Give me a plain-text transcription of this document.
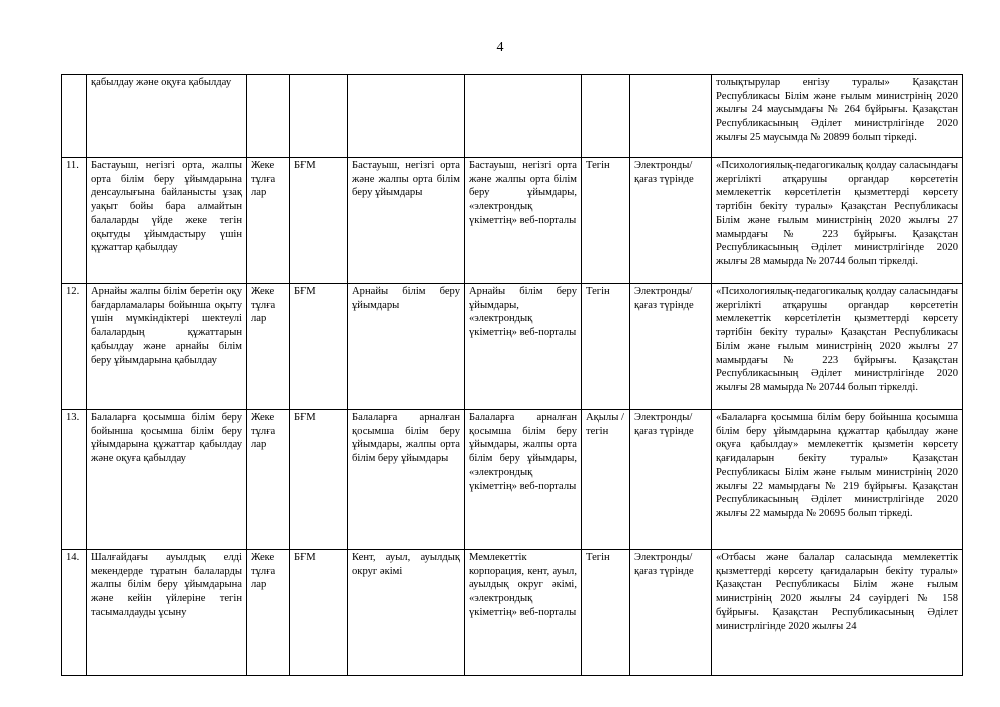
4
	қабылдау және оқуға қабылдау							толықтырулар енгізу туралы» Қазақстан Республикасы Білім және ғылым министрінің 2020 жылғы 24 маусымдағы № 264 бұйрығы. Қазақстан Республикасының Әділет министрлігінде 2020 жылғы 25 маусымда № 20899 болып тіркеді.
11.	Бастауыш, негізгі орта, жалпы орта білім беру ұйымдарына денсаулығына байланысты ұзақ уақыт бойы бара алмайтын балаларды үйде жеке тегін оқытуды ұйымдастыру үшін құжаттар қабылдау	Жеке тұлға лар	БҒМ	Бастауыш, негізгі орта және жалпы орта білім беру ұйымдары	Бастауыш, негізгі орта және жалпы орта білім беру ұйымдары, «электрондық үкіметтің» веб-порталы	Тегін	Электронды/ қағаз түрінде	«Психологиялық-педагогикалық қолдау саласындағы жергілікті атқарушы органдар көрсететін мемлекеттік көрсетілетін қызметтерді көрсету тәртібін бекіту туралы» Қазақстан Республикасы Білім және ғылым министрінің 2020 жылғы 27 мамырдағы № 223 бұйрығы. Қазақстан Республикасының Әділет министрлігінде 2020 жылғы 28 мамырда № 20744 болып тіркелді.
12.	Арнайы жалпы білім беретін оқу бағдарламалары бойынша оқыту үшін мүмкіндіктері шектеулі балалардың құжаттарын қабылдау және арнайы білім беру ұйымдарына қабылдау	Жеке тұлға лар	БҒМ	Арнайы білім беру ұйымдары	Арнайы білім беру ұйымдары, «электрондық үкіметтің» веб-порталы	Тегін	Электронды/ қағаз түрінде	«Психологиялық-педагогикалық қолдау саласындағы жергілікті атқарушы органдар көрсететін мемлекеттік көрсетілетін қызметтерді көрсету тәртібін бекіту туралы» Қазақстан Республикасы Білім және ғылым министрінің 2020 жылғы 27 мамырдағы № 223 бұйрығы. Қазақстан Республикасының Әділет министрлігінде 2020 жылғы 28 мамырда № 20744 болып тіркелді.
13.	Балаларға қосымша білім беру бойынша қосымша білім беру ұйымдарына құжаттар қабылдау және оқуға қабылдау	Жеке тұлға лар	БҒМ	Балаларға арналған қосымша білім беру ұйымдары, жалпы орта білім беру ұйымдары	Балаларға арналған қосымша білім беру ұйымдары, жалпы орта білім беру ұйымдары, «электрондық үкіметтің» веб-порталы	Ақылы /тегін	Электронды/ қағаз түрінде	«Балаларға қосымша білім беру бойынша қосымша білім беру ұйымдарына құжаттар қабылдау және оқуға қабылдау» мемлекеттік қызметін көрсету қағидаларын бекіту туралы» Қазақстан Республикасы Білім және ғылым министрінің 2020 жылғы 22 мамырдағы № 219 бұйрығы. Қазақстан Республикасының Әділет министрлігінде 2020 жылғы 22 мамырда № 20695 болып тіркеді.
14.	Шалғайдағы ауылдық елді мекендерде тұратын балаларды жалпы білім беру ұйымдарына және кейін үйлеріне тегін тасымалдауды ұсыну	Жеке тұлға лар	БҒМ	Кент, ауыл, ауылдық округ әкімі	Мемлекеттік корпорация, кент, ауыл, ауылдық округ әкімі, «электрондық үкіметтің» веб-порталы	Тегін	Электронды/ қағаз түрінде	«Отбасы және балалар саласында мемлекеттік қызметтерді көрсету қағидаларын бекіту туралы» Қазақстан Республикасы Білім және ғылым министрінің 2020 жылғы 24 сәуірдегі № 158 бұйрығы. Қазақстан Республикасының Әділет министрлігінде 2020 жылғы 24
